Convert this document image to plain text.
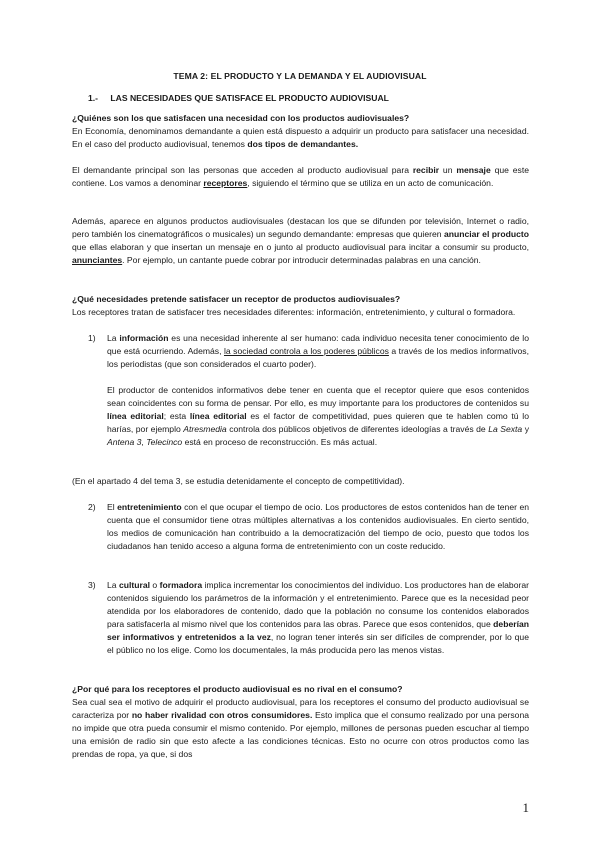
TEMA 2: EL PRODUCTO Y LA DEMANDA Y EL AUDIOVISUAL
1.- LAS NECESIDADES QUE SATISFACE EL PRODUCTO AUDIOVISUAL

¿Quiénes son los que satisfacen una necesidad con los productos audiovisuales?

En Economía, denominamos demandante a quien está dispuesto a adquirir un producto para satisfacer una necesidad. En el caso del producto audiovisual, tenemos dos tipos de demandantes.

El demandante principal son las personas que acceden al producto audiovisual para recibir un mensaje que este contiene. Los vamos a denominar receptores, siguiendo el término que se utiliza en un acto de comunicación.

Además, aparece en algunos productos audiovisuales (destacan los que se difunden por televisión, Internet o radio, pero también los cinematográficos o musicales) un segundo demandante: empresas que quieren anunciar el producto que ellas elaboran y que insertan un mensaje en o junto al producto audiovisual para incitar a consumir su producto, anunciantes. Por ejemplo, un cantante puede cobrar por introducir determinadas palabras en una canción.

¿Qué necesidades pretende satisfacer un receptor de productos audiovisuales?

Los receptores tratan de satisfacer tres necesidades diferentes: información, entretenimiento, y cultural o formadora.

1) La información es una necesidad inherente al ser humano: cada individuo necesita tener conocimiento de lo que está ocurriendo. Además, la sociedad controla a los poderes públicos a través de los medios informativos, los periodistas (que son considerados el cuarto poder).

El productor de contenidos informativos debe tener en cuenta que el receptor quiere que esos contenidos sean coincidentes con su forma de pensar. Por ello, es muy importante para los productores de contenidos su línea editorial; esta línea editorial es el factor de competitividad, pues quieren que te hablen como tú lo harías, por ejemplo Atresmedia controla dos públicos objetivos de diferentes ideologías a través de La Sexta y Antena 3, Telecinco está en proceso de reconstrucción. Es más actual.

(En el apartado 4 del tema 3, se estudia detenidamente el concepto de competitividad).

2) El entretenimiento con el que ocupar el tiempo de ocio. Los productores de estos contenidos han de tener en cuenta que el consumidor tiene otras múltiples alternativas a los contenidos audiovisuales. En cierto sentido, los medios de comunicación han contribuido a la democratización del tiempo de ocio, puesto que todos los ciudadanos han tenido acceso a alguna forma de entretenimiento con un coste reducido.

3) La cultural o formadora implica incrementar los conocimientos del individuo. Los productores han de elaborar contenidos siguiendo los parámetros de la información y el entretenimiento. Parece que es la necesidad peor atendida por los elaboradores de contenido, dado que la población no consume los contenidos elaborados para satisfacerla al mismo nivel que los contenidos para las obras. Parece que esos contenidos, que deberían ser informativos y entretenidos a la vez, no logran tener interés sin ser difíciles de comprender, por lo que el público no los elige. Como los documentales, la más producida pero las menos vistas.

¿Por qué para los receptores el producto audiovisual es no rival en el consumo?

Sea cual sea el motivo de adquirir el producto audiovisual, para los receptores el consumo del producto audiovisual se caracteriza por no haber rivalidad con otros consumidores. Esto implica que el consumo realizado por una persona no impide que otra pueda consumir el mismo contenido. Por ejemplo, millones de personas pueden escuchar al tiempo una emisión de radio sin que esto afecte a las condiciones técnicas. Esto no ocurre con otros productos como las prendas de ropa, ya que, si dos

1
